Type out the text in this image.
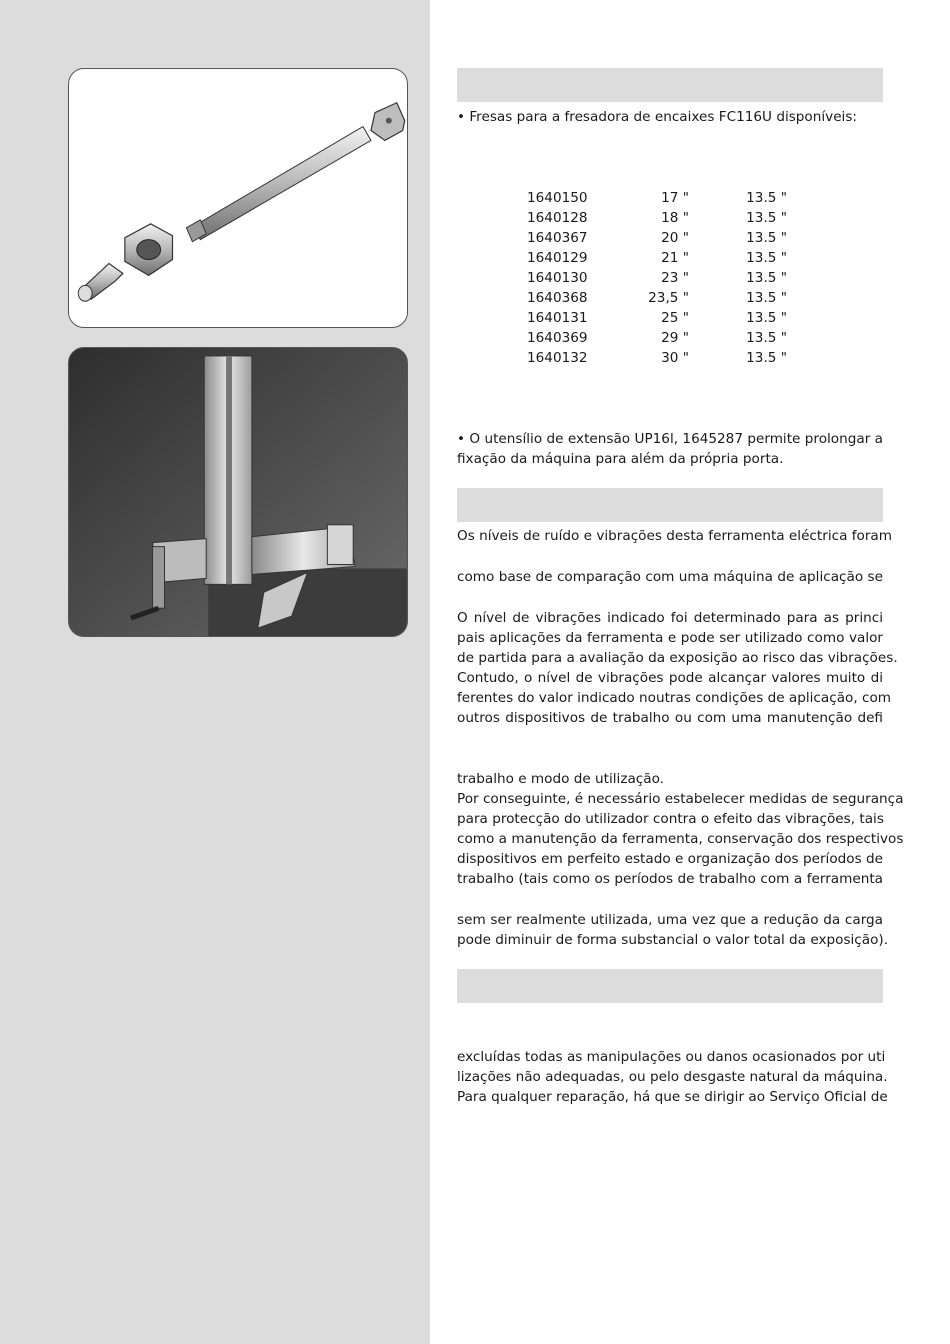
• Fresas para a fresadora de encaixes FC116U disponíveis:

1640150	17 "	13.5 "
1640128	18 "	13.5 "
1640367	20 "	13.5 "
1640129	21 "	13.5 "
1640130	23 "	13.5 "
1640368	23,5 "	13.5 "
1640131	25 "	13.5 "
1640369	29 "	13.5 "
1640132	30 "	13.5 "

• O utensílio de extensão UP16l, 1645287 permite prolongar a

fixação da máquina para além da própria porta.

Os níveis de ruído e vibrações desta ferramenta eléctrica foram

como base de comparação com uma máquina de aplicação se

O nível de vibrações indicado foi determinado para as princi

pais aplicações da ferramenta e pode ser utilizado como valor

de partida para a avaliação da exposição ao risco das vibrações.

Contudo, o nível de vibrações pode alcançar valores muito di

ferentes do valor indicado noutras condições de aplicação, com

outros dispositivos de trabalho ou com uma manutenção defi

trabalho e modo de utilização.

Por conseguinte, é necessário estabelecer medidas de segurança

para protecção do utilizador contra o efeito das vibrações, tais

como a manutenção da ferramenta, conservação dos respectivos

dispositivos em perfeito estado e organização dos períodos de

trabalho (tais como os períodos de trabalho com a ferramenta

sem ser realmente utilizada, uma vez que a redução da carga

pode diminuir de forma substancial o valor total da exposição).

excluídas todas as manipulações ou danos ocasionados por uti

lizações não adequadas, ou pelo desgaste natural da máquina.

Para qualquer reparação, há que se dirigir ao Serviço Oficial de
